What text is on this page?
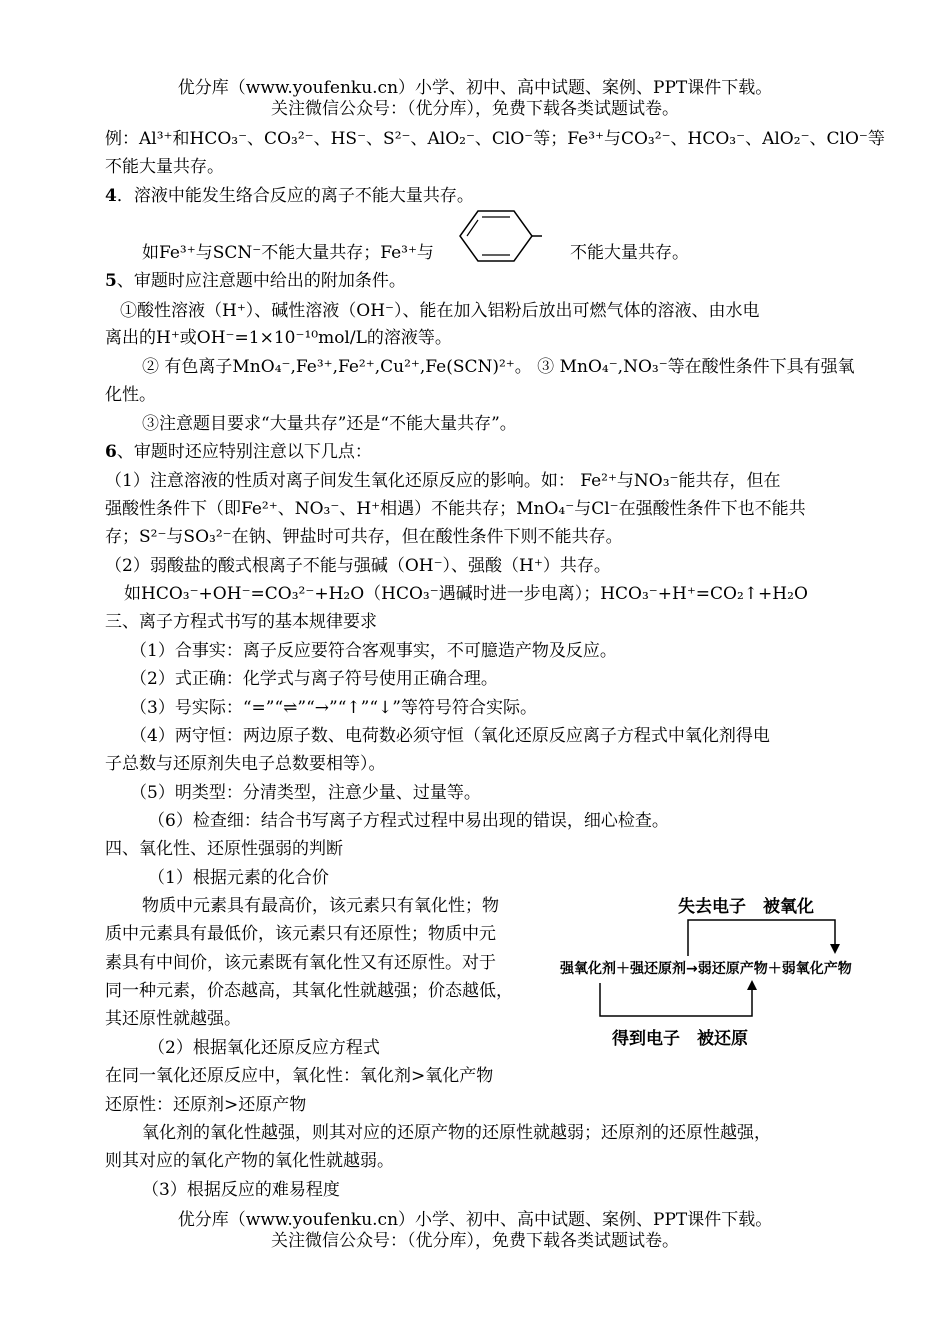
优分库（www.youfenku.cn）小学、初中、高中试题、案例、PPT课件下载。
关注微信公众号：（优分库），免费下载各类试题试卷。
例：Al³⁺和HCO₃⁻、CO₃²⁻、HS⁻、S²⁻、AlO₂⁻、ClO⁻等；Fe³⁺与CO₃²⁻、HCO₃⁻、AlO₂⁻、ClO⁻等
不能大量共存。
4．溶液中能发生络合反应的离子不能大量共存。
如Fe³⁺与SCN⁻不能大量共存；Fe³⁺与	不能大量共存。
5、审题时应注意题中给出的附加条件。
①酸性溶液（H⁺）、碱性溶液（OH⁻）、能在加入铝粉后放出可燃气体的溶液、由水电
离出的H⁺或OH⁻=1×10⁻¹⁰mol/L的溶液等。
② 有色离子MnO₄⁻,Fe³⁺,Fe²⁺,Cu²⁺,Fe(SCN)²⁺。 ③ MnO₄⁻,NO₃⁻等在酸性条件下具有强氧
化性。
③注意题目要求“大量共存”还是“不能大量共存”。
6、审题时还应特别注意以下几点：
（1）注意溶液的性质对离子间发生氧化还原反应的影响。如： Fe²⁺与NO₃⁻能共存，但在
强酸性条件下（即Fe²⁺、NO₃⁻、H⁺相遇）不能共存；MnO₄⁻与Cl⁻在强酸性条件下也不能共
存；S²⁻与SO₃²⁻在钠、钾盐时可共存，但在酸性条件下则不能共存。
（2）弱酸盐的酸式根离子不能与强碱（OH⁻）、强酸（H⁺）共存。
如HCO₃⁻+OH⁻=CO₃²⁻+H₂O（HCO₃⁻遇碱时进一步电离）；HCO₃⁻+H⁺=CO₂↑+H₂O
三、离子方程式书写的基本规律要求
（1）合事实：离子反应要符合客观事实，不可臆造产物及反应。
（2）式正确：化学式与离子符号使用正确合理。
（3）号实际：“=”“⇌”“→”“↑”“↓”等符号符合实际。
（4）两守恒：两边原子数、电荷数必须守恒（氧化还原反应离子方程式中氧化剂得电
子总数与还原剂失电子总数要相等）。
（5）明类型：分清类型，注意少量、过量等。
（6）检查细：结合书写离子方程式过程中易出现的错误，细心检查。
四、氧化性、还原性强弱的判断
（1）根据元素的化合价
物质中元素具有最高价，该元素只有氧化性；物
质中元素具有最低价，该元素只有还原性；物质中元
素具有中间价，该元素既有氧化性又有还原性。对于
同一种元素，价态越高，其氧化性就越强；价态越低，
其还原性就越强。
（2）根据氧化还原反应方程式
在同一氧化还原反应中，氧化性：氧化剂>氧化产物
还原性：还原剂>还原产物
氧化剂的氧化性越强，则其对应的还原产物的还原性就越弱；还原剂的还原性越强，
则其对应的氧化产物的氧化性就越弱。
（3）根据反应的难易程度
失去电子　被氧化
强氧化剂＋强还原剂→弱还原产物＋弱氧化产物
得到电子　被还原
优分库（www.youfenku.cn）小学、初中、高中试题、案例、PPT课件下载。
关注微信公众号：（优分库），免费下载各类试题试卷。
